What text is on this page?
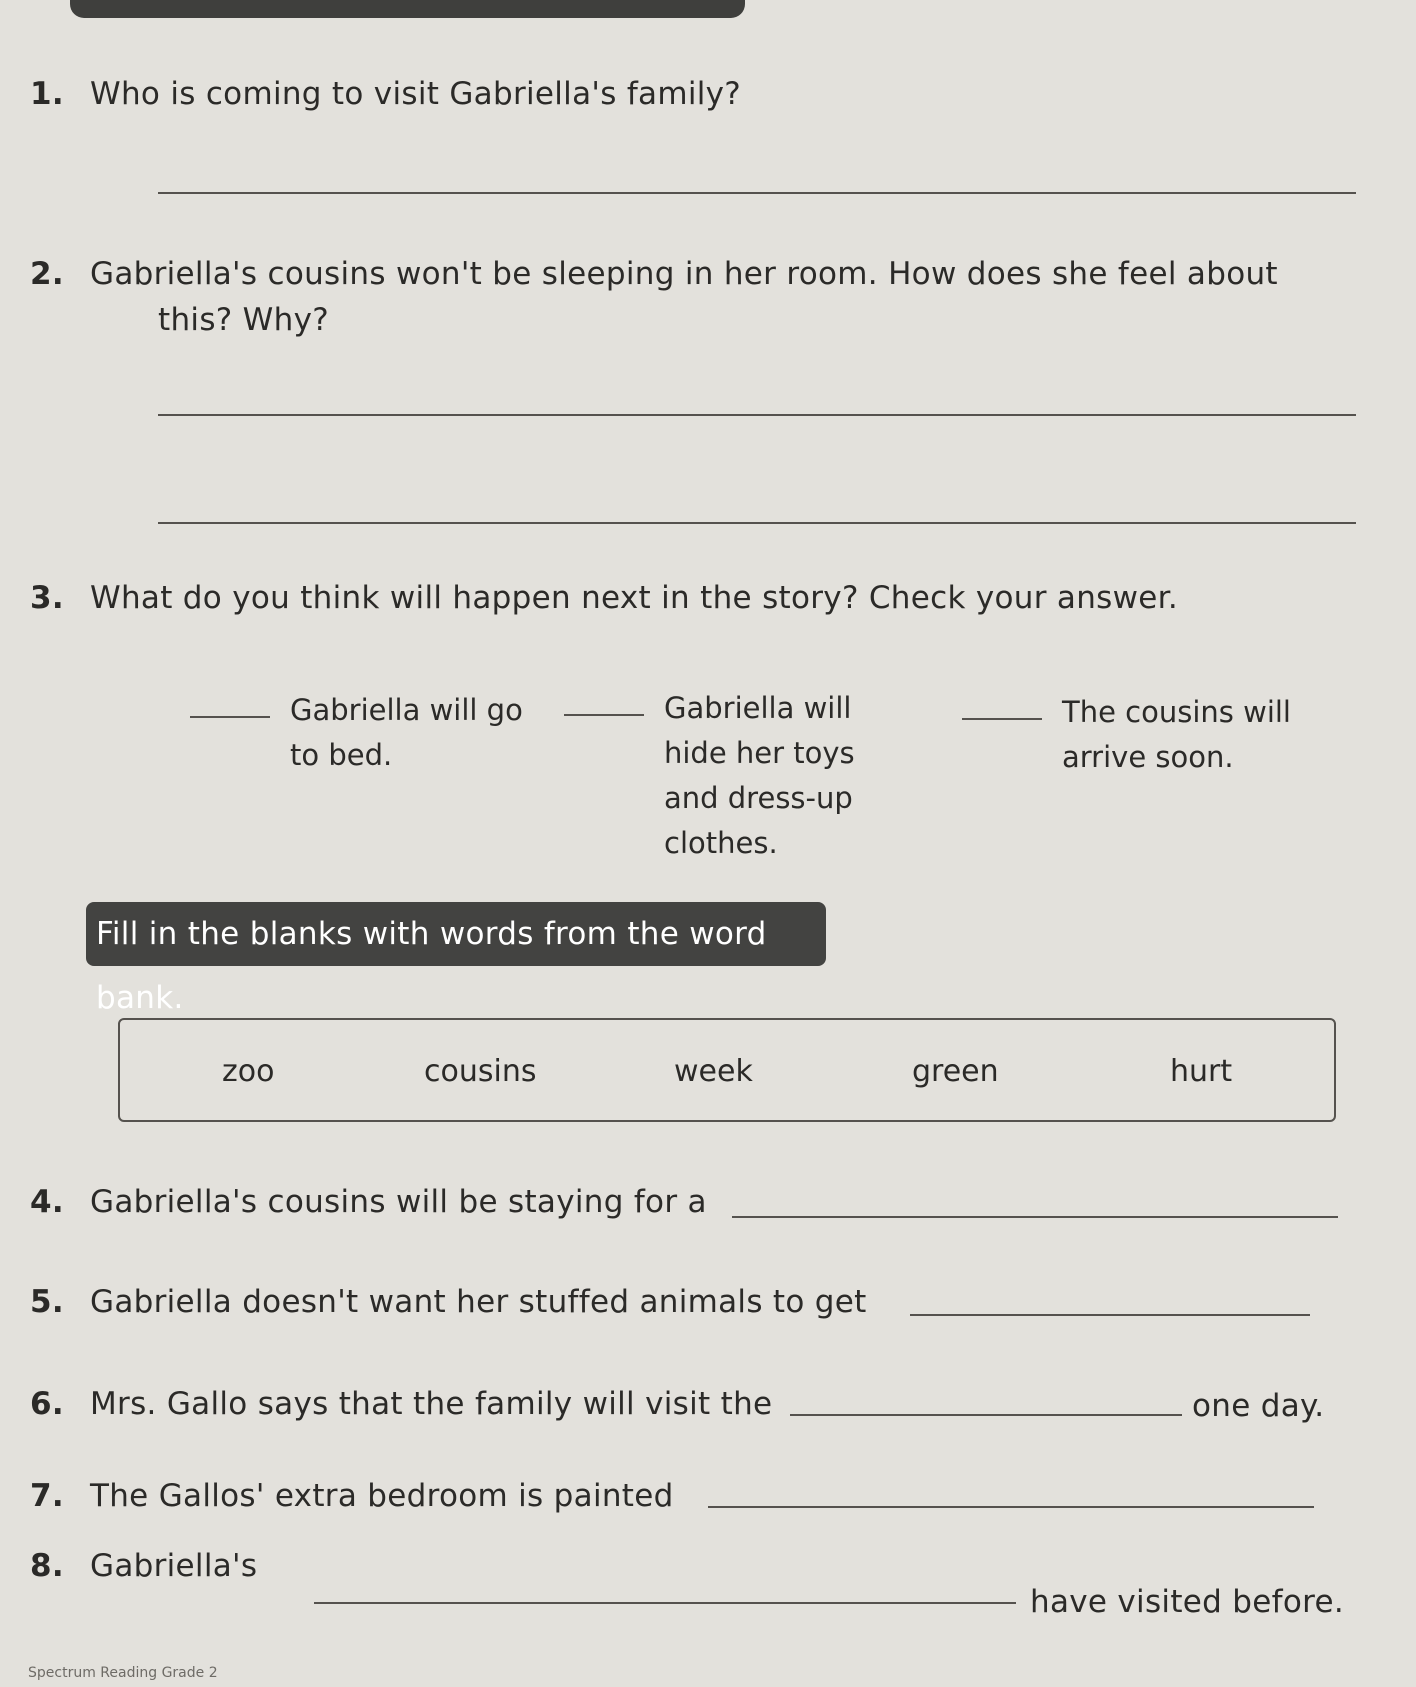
1. Who is coming to visit Gabriella's family?
2. Gabriella's cousins won't be sleeping in her room. How does she feel about
this? Why?
3. What do you think will happen next in the story? Check your answer.
Gabriella will go
to bed.
Gabriella will
hide her toys
and dress-up
clothes.
The cousins will
arrive soon.
Fill in the blanks with words from the word bank.
zoo	cousins	week	green	hurt
4. Gabriella's cousins will be staying for a
5. Gabriella doesn't want her stuffed animals to get
6. Mrs. Gallo says that the family will visit the	one day.
7. The Gallos' extra bedroom is painted
8. Gabriella's
have visited before.
Spectrum Reading Grade 2
